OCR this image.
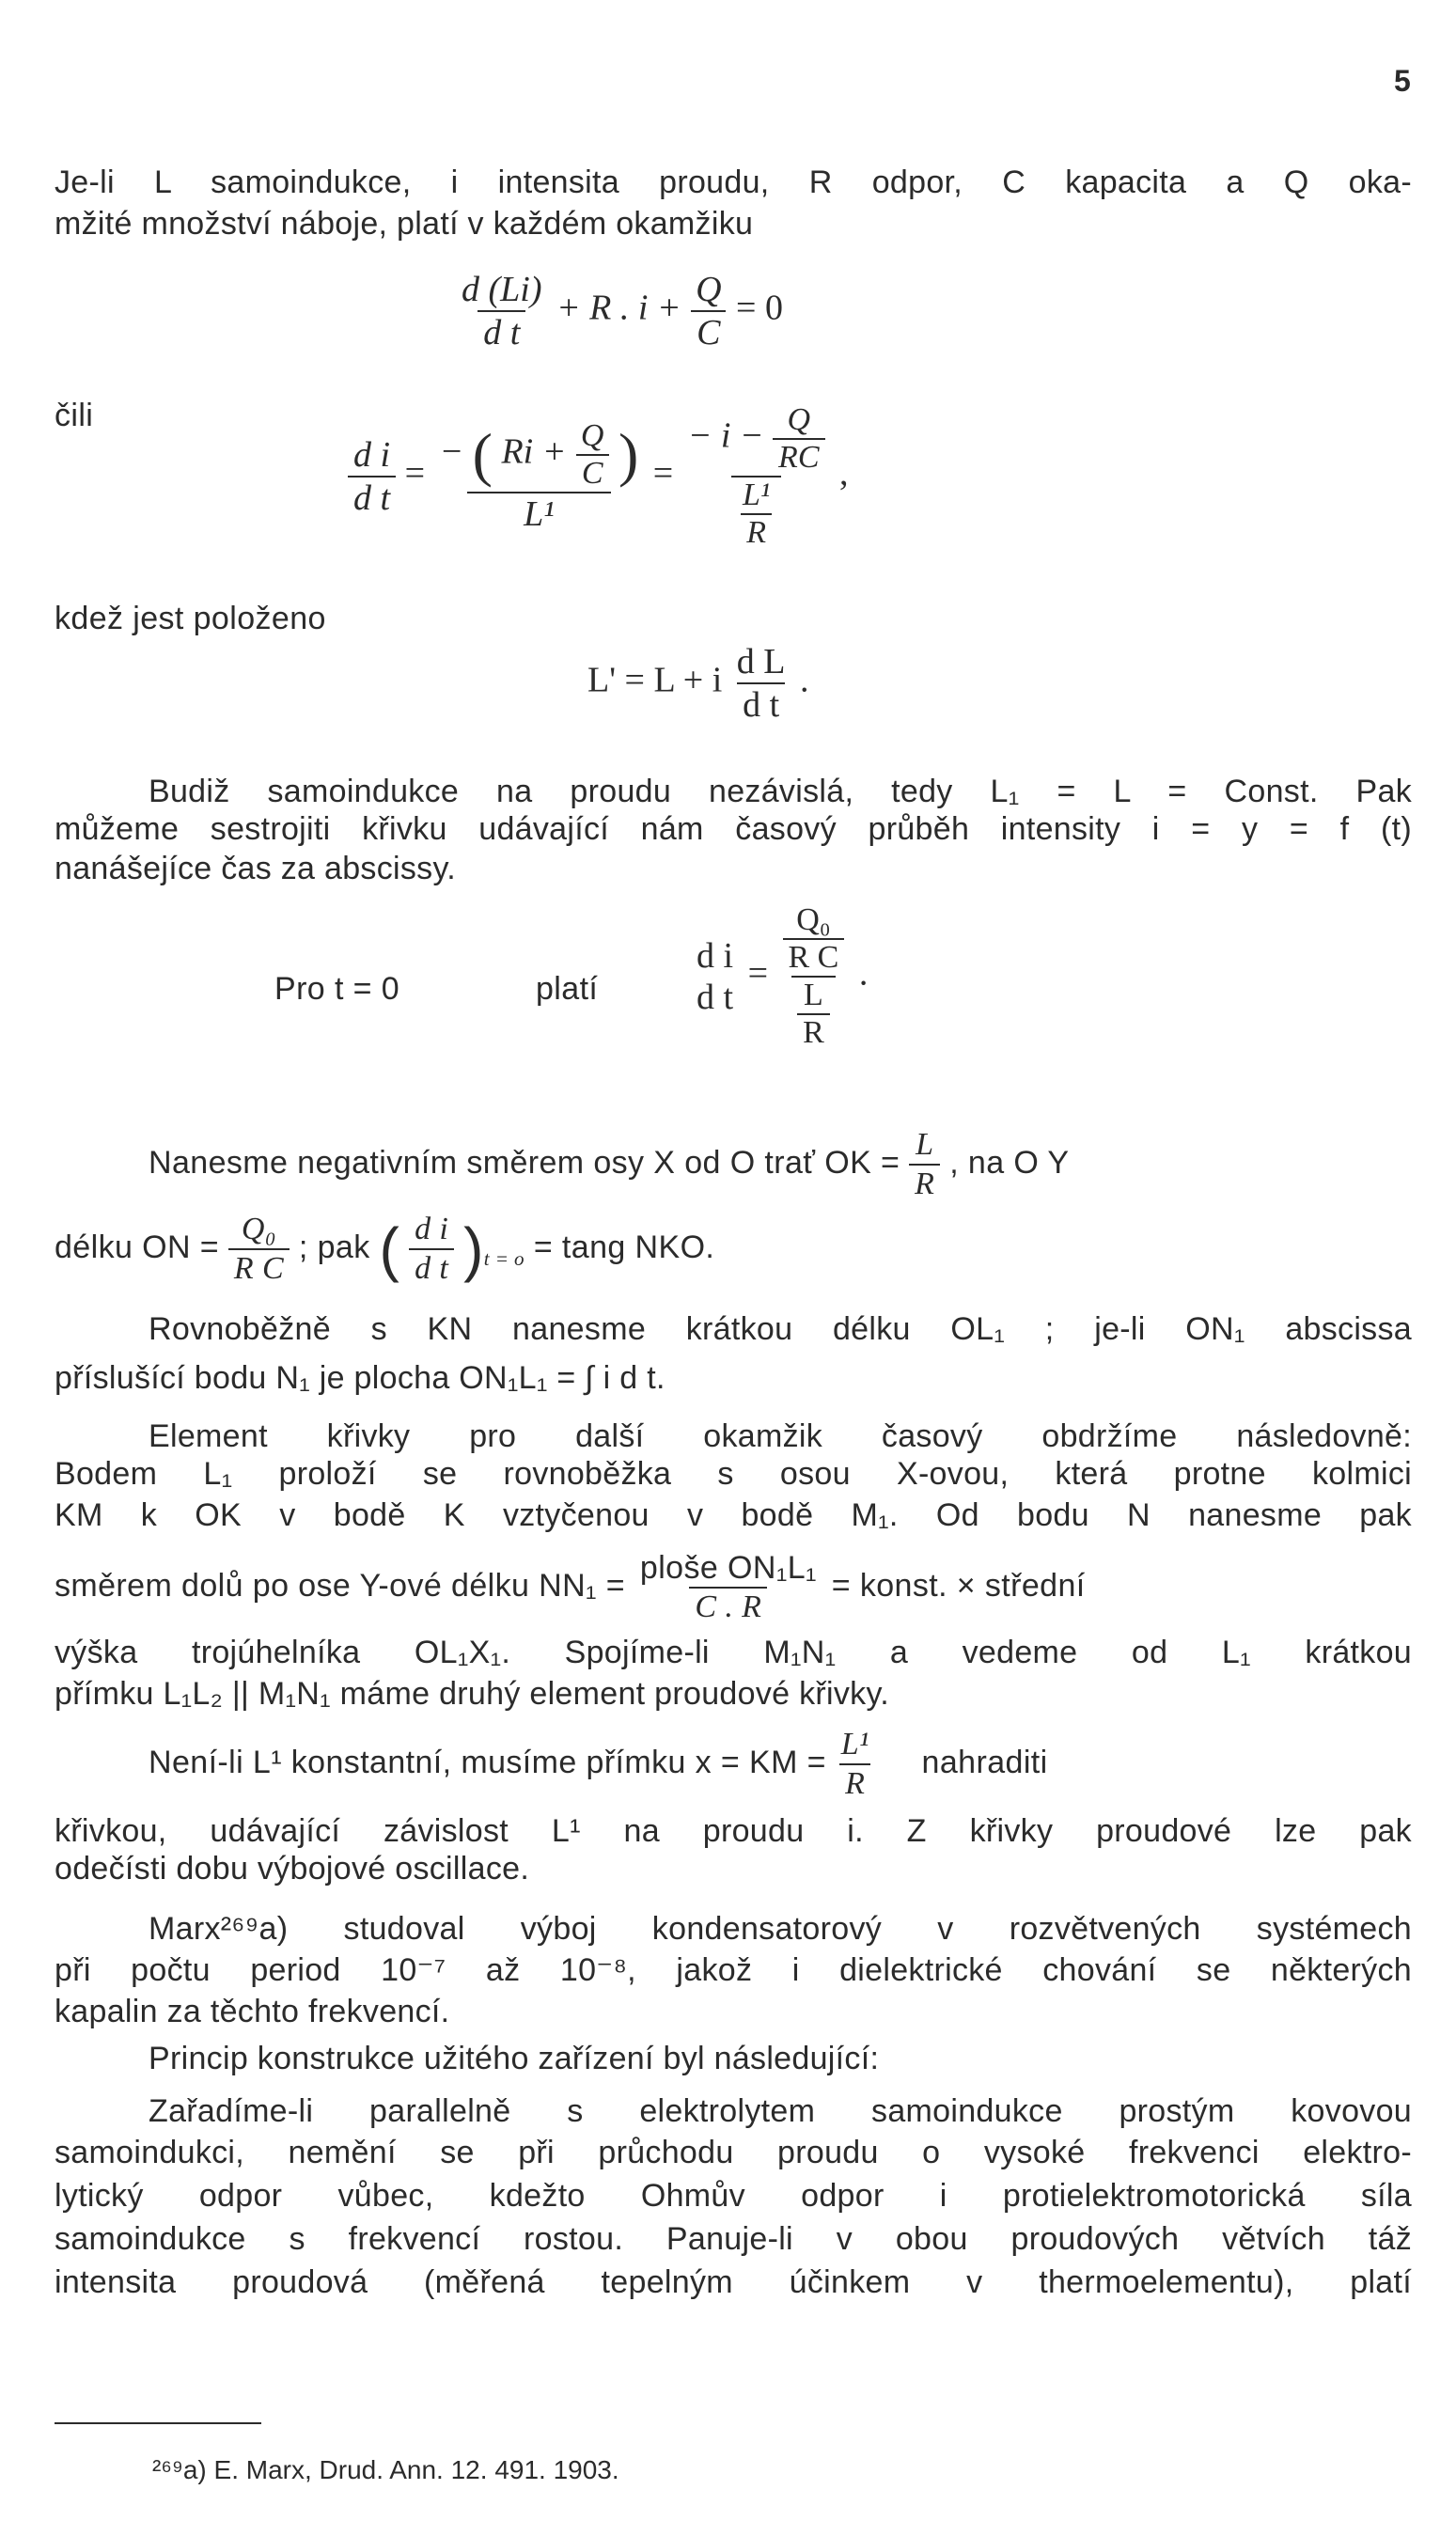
5
Je-li L samoindukce, i intensita proudu, R odpor, C kapacita a Q oka-
mžité množství náboje, platí v každém okamžiku
$\frac{d (Li)}{\text{d t}} + R$ . $i + \frac{Q}{C} = 0$
čili
$\frac{\text{d i}}{\text{d t}}$ =
− ( $Ri + \frac{Q}{C}$ )
L¹
= $\frac{- i - \frac{Q}{RC}}{\frac{\text{L¹}}{R}}$ ,
kdež jest položeno
L' = L + i $\frac{\text{d L}}{\text{d t}}$ .
Budiž samoindukce na proudu nezávislá, tedy L₁ = L = Const. Pak
můžeme sestrojiti křivku udávající nám časový průběh intensity i = y = f (t)
nanášejíce čas za abscissy.
Pro t = 0	platí
d i
d t
= $\frac{\frac{\text{Q₀}}{\text{R C}}}{\frac{L}{R}}$ .
Nanesme negativním směrem osy X od O trať OK = $\frac{L}{R}$ , na O Y
délku ON = $\frac{\text{Q₀}}{\text{R C}}$ ; pak ( $\frac{\text{d i}}{\text{d t}} )_{t = o} = \tan g$ NKO.
Rovnoběžně s KN nanesme krátkou délku OL₁ ; je-li ON₁ abscissa
příslušící bodu N₁ je plocha ON₁L₁ = ∫ i d t.
Element křivky pro další okamžik časový obdržíme následovně:
Bodem L₁ proloží se rovnoběžka s osou X-ovou, která protne kolmici
KM k OK v bodě K vztyčenou v bodě M₁. Od bodu N nanesme pak
směrem dolů po ose Y-ové délku $NN_1 = \frac{\text{ploše ON₁L₁}}{C . R}$ = konst. × střední
výška trojúhelníka OL₁X₁. Spojíme-li M₁N₁ a vedeme od L₁ krátkou
přímku L₁L₂ || M₁N₁ máme druhý element proudové křivky.
Není-li L¹ konstantní, musíme přímku x = KM = $\frac{\text{L¹}}{R}$ nahraditi
křivkou, udávající závislost L¹ na proudu i. Z křivky proudové lze pak
odečísti dobu výbojové oscillace.
Marx²⁶⁹a) studoval výboj kondensatorový v rozvětvených systémech
při počtu period 10⁻⁷ až 10⁻⁸, jakož i dielektrické chování se některých
kapalin za těchto frekvencí.
Princip konstrukce užitého zařízení byl následující:
Zařadíme-li parallelně s elektrolytem samoindukce prostým kovovou
samoindukci, nemění se při průchodu proudu o vysoké frekvenci elektro-
lytický odpor vůbec, kdežto Ohmův odpor i protielektromotorická síla
samoindukce s frekvencí rostou. Panuje-li v obou proudových větvích táž
intensita proudová (měřená tepelným účinkem v thermoelementu), platí
²⁶⁹a) E. Marx, Drud. Ann. 12. 491. 1903.
